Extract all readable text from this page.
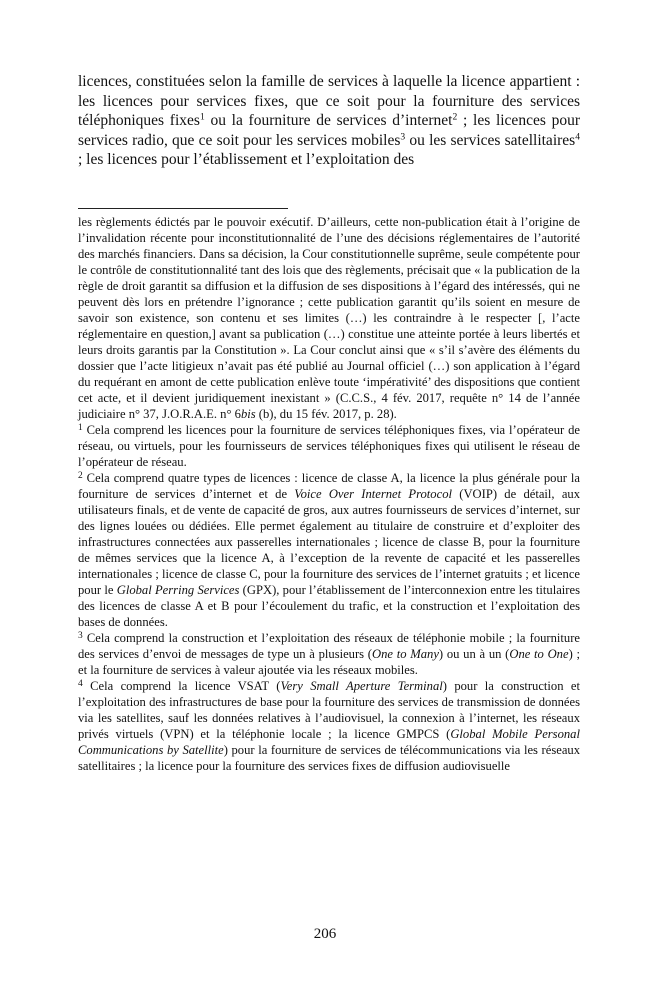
licences, constituées selon la famille de services à laquelle la licence appartient : les licences pour services fixes, que ce soit pour la fourniture des services téléphoniques fixes$^1$ ou la fourniture de services d’internet$^2$ ; les licences pour services radio, que ce soit pour les services mobiles$^3$ ou les services satellitaires$^4$ ; les licences pour l’établissement et l’exploitation des

les règlements édictés par le pouvoir exécutif. D’ailleurs, cette non-publication était à l’origine de l’invalidation récente pour inconstitutionnalité de l’une des décisions réglementaires de l’autorité des marchés financiers. Dans sa décision, la Cour constitutionnelle suprême, seule compétente pour le contrôle de constitutionnalité tant des lois que des règlements, précisait que « la publication de la règle de droit garantit sa diffusion et la diffusion de ses dispositions à l’égard des intéressés, qui ne peuvent dès lors en prétendre l’ignorance ; cette publication garantit qu’ils soient en mesure de savoir son existence, son contenu et ses limites (…) les contraindre à le respecter [, l’acte réglementaire en question,] avant sa publication (…) constitue une atteinte portée à leurs libertés et leurs droits garantis par la Constitution ». La Cour conclut ainsi que « s’il s’avère des éléments du dossier que l’acte litigieux n’avait pas été publié au Journal officiel (…) son application à l’égard du requérant en amont de cette publication enlève toute ‘impérativité’ des dispositions que contient cet acte, et il devient juridiquement inexistant » (C.C.S., 4 fév. 2017, requête n° 14 de l’année judiciaire n° 37, J.O.R.A.E. n° 6bis (b), du 15 fév. 2017, p. 28).

$^1$ Cela comprend les licences pour la fourniture de services téléphoniques fixes, via l’opérateur de réseau, ou virtuels, pour les fournisseurs de services téléphoniques fixes qui utilisent le réseau de l’opérateur de réseau.

$^2$ Cela comprend quatre types de licences : licence de classe A, la licence la plus générale pour la fourniture de services d’internet et de Voice Over Internet Protocol (VOIP) de détail, aux utilisateurs finals, et de vente de capacité de gros, aux autres fournisseurs de services d’internet, sur des lignes louées ou dédiées. Elle permet également au titulaire de construire et d’exploiter des infrastructures connectées aux passerelles internationales ; licence de classe B, pour la fourniture de mêmes services que la licence A, à l’exception de la revente de capacité et les passerelles internationales ; licence de classe C, pour la fourniture des services de l’internet gratuits ; et licence pour le Global Perring Services (GPX), pour l’établissement de l’interconnexion entre les titulaires des licences de classe A et B pour l’écoulement du trafic, et la construction et l’exploitation des bases de données.

$^3$ Cela comprend la construction et l’exploitation des réseaux de téléphonie mobile ; la fourniture des services d’envoi de messages de type un à plusieurs (One to Many) ou un à un (One to One) ; et la fourniture de services à valeur ajoutée via les réseaux mobiles.

$^4$ Cela comprend la licence VSAT (Very Small Aperture Terminal) pour la construction et l’exploitation des infrastructures de base pour la fourniture des services de transmission de données via les satellites, sauf les données relatives à l’audiovisuel, la connexion à l’internet, les réseaux privés virtuels (VPN) et la téléphonie locale ; la licence GMPCS (Global Mobile Personal Communications by Satellite) pour la fourniture de services de télécommunications via les réseaux satellitaires ; la licence pour la fourniture des services fixes de diffusion audiovisuelle

206
